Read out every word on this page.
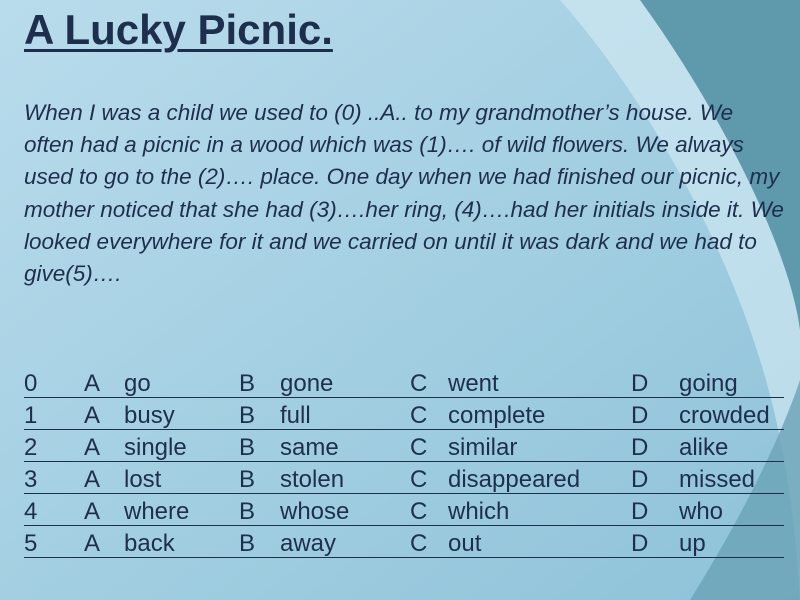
A Lucky Picnic.

When I was a child we used to (0) ..A.. to my grandmother’s house. We often had a picnic in a wood which was (1)…. of wild flowers. We always used to go to the (2)…. place. One day when we had finished our picnic, my mother noticed that she had (3)….her ring, (4)….had her initials inside it. We looked everywhere for it and we carried on until it was dark and we had to give(5)….

0 A go	B gone	C went	D going
1 A busy	B full	C complete	D crowded
2 A single B same	C similar	D alike
3 A lost	B stolen	C disappeared D missed
4 A where B whose	C which	D who
5 A back	B away	C out	D up
